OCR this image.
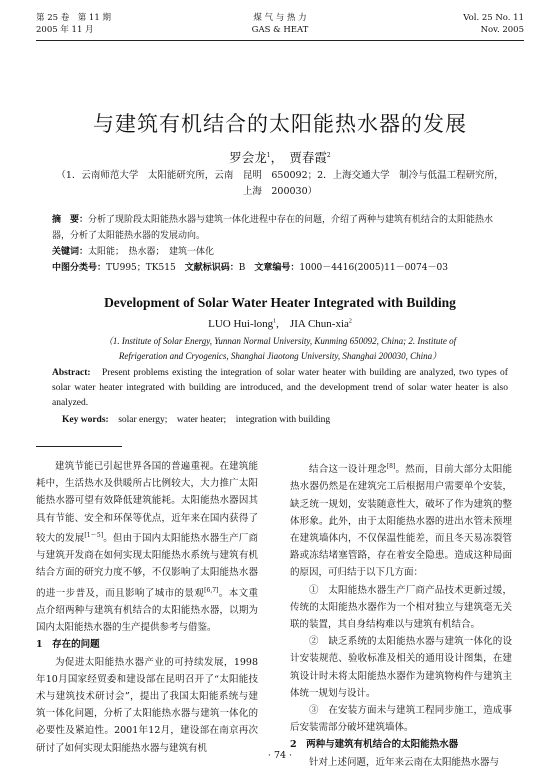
第 25 卷　第 11 期
2005 年 11 月
煤 气 与 热 力
GAS & HEAT
Vol. 25 No. 11
Nov. 2005
与建筑有机结合的太阳能热水器的发展
罗会龙$^1$，　贾春霞$^2$
（1．云南师范大学　太阳能研究所，云南　昆明　650092；2．上海交通大学　制冷与低温工程研究所，
上海　200030）
摘　要：分析了现阶段太阳能热水器与建筑一体化进程中存在的问题，介绍了两种与建筑有机结合的太阳能热水器，分析了太阳能热水器的发展动向。
关键词：太阳能；　热水器；　建筑一体化
中图分类号：TU995；TK515　 文献标识码：B　 文章编号：1000－4416(2005)11－0074－03
Development of Solar Water Heater Integrated with Building
LUO Hui-long$^1$,　JIA Chun-xia$^2$
（1. Institute of Solar Energy, Yunnan Normal University, Kunming 650092, China; 2. Institute of
Refrigeration and Cryogenics, Shanghai Jiaotong University, Shanghai 200030, China）
Abstract:　 Present problems existing the integration of solar water heater with building are analyzed, two types of solar water heater integrated with building are introduced, and the development trend of solar water heater is also analyzed.
Key words:　 solar energy;　water heater;　integration with building

建筑节能已引起世界各国的普遍重视。在建筑能耗中，生活热水及供暖所占比例较大，大力推广太阳能热水器可望有效降低建筑能耗。太阳能热水器因其具有节能、安全和环保等优点，近年来在国内获得了较大的发展[1～5]。但由于国内太阳能热水器生产厂商与建筑开发商在如何实现太阳能热水系统与建筑有机结合方面的研究力度不够，不仅影响了太阳能热水器的进一步普及，而且影响了城市的景观[6,7]。本文重点介绍两种与建筑有机结合的太阳能热水器，以期为国内太阳能热水器的生产提供参考与借鉴。

1　存在的问题

为促进太阳能热水器产业的可持续发展，1998年10月国家经贸委和建设部在昆明召开了“太阳能技术与建筑技术研讨会”，提出了我国太阳能系统与建筑一体化问题，分析了太阳能热水器与建筑一体化的必要性及紧迫性。2001年12月，建设部在南京再次研讨了如何实现太阳能热水器与建筑有机

结合这一设计理念[8]。然而，目前大部分太阳能热水器仍然是在建筑完工后根据用户需要单个安装，缺乏统一规划，安装随意性大，破坏了作为建筑的整体形象。此外，由于太阳能热水器的进出水管未预埋在建筑墙体内，不仅保温性能差，而且冬天易冻裂管路或冻结堵塞管路，存在着安全隐患。造成这种局面的原因，可归结于以下几方面：

①　太阳能热水器生产厂商产品技术更新过缓，传统的太阳能热水器作为一个相对独立与建筑毫无关联的装置，其自身结构难以与建筑有机结合。

②　缺乏系统的太阳能热水器与建筑一体化的设计安装规范、验收标准及相关的通用设计图集，在建筑设计时未将太阳能热水器作为建筑物构件与建筑主体统一规划与设计。

③　在安装方面未与建筑工程同步施工，造成事后安装需部分破坏建筑墙体。

2　两种与建筑有机结合的太阳能热水器

针对上述问题，近年来云南在太阳能热水器与

· 74 ·
